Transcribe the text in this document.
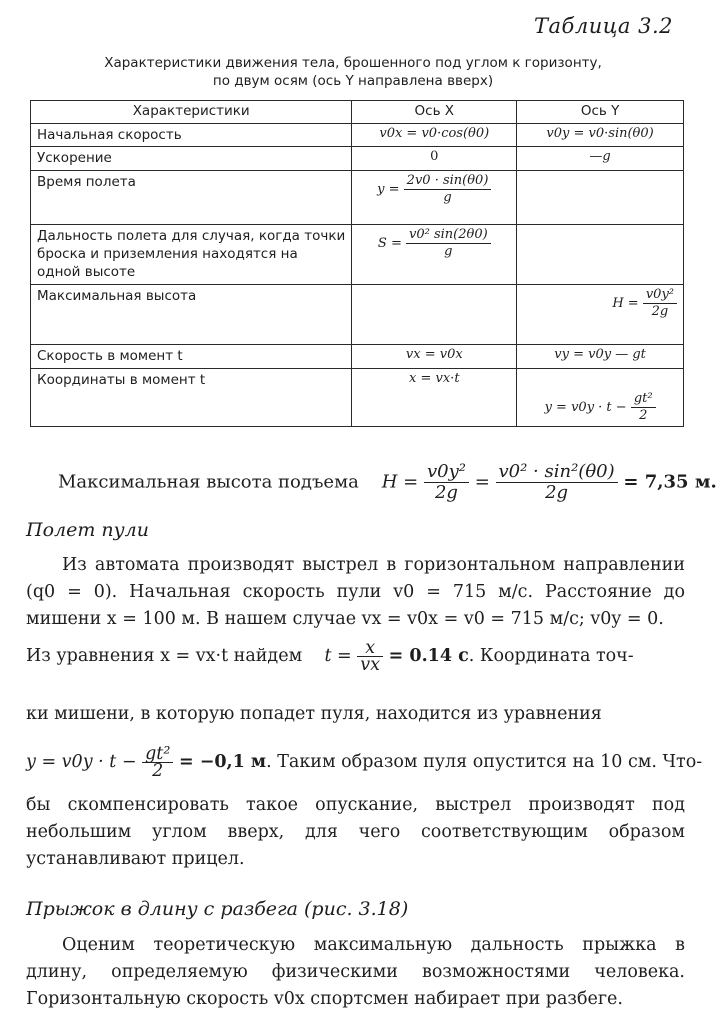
Таблица 3.2
Характеристики движения тела, брошенного под углом к горизонту,
по двум осям (ось Y направлена вверх)
Характеристики	Ось X	Ось Y
Начальная скорость	v0x = v0·cos(θ0)	v0y = v0·sin(θ0)
Ускорение	0	—g
Время полета	$y = \frac{2v0 \cdot \sin(\theta 0)}{g}$

Дальность полета для случая, когда точки броска и приземления находятся на одной высоте	$S = \frac{\text{v0² sin(2θ0)}}{g}$

Максимальная высота		$H = \frac{\text{v0y²}}{2g}$

Скорость в момент t	vx = v0x	vy = v0y — gt
Координаты в момент t	x = vx·t	$y = v0y \cdot t - \frac{\text{gt²}}{2}$
Максимальная высота подъема $H = \frac{\text{v0y²}}{2g} = \frac{\text{v0² · sin²(θ0)}}{2g} = 7,35$ м.
Полет пули
Из автомата производят выстрел в горизонтальном направлении (q0 = 0). Начальная скорость пули v0 = 715 м/с. Расстояние до мишени x = 100 м. В нашем случае vx = v0x = v0 = 715 м/с; v0y = 0.
Из уравнения x = vx·t найдем $t = \frac{x}{vx} = 0.14$ с. Координата точ-
ки мишени, в которую попадет пуля, находится из уравнения
$y = v0y \cdot t - \frac{\text{gt²}}{2} = -0,1$ м. Таким образом пуля опустится на 10 см. Что-
бы скомпенсировать такое опускание, выстрел производят под небольшим углом вверх, для чего соответствующим образом устанавливают прицел.
Прыжок в длину с разбега (рис. 3.18)
Оценим теоретическую максимальную дальность прыжка в длину, определяемую физическими возможностями человека. Горизонтальную скорость v0x спортсмен набирает при разбеге.
